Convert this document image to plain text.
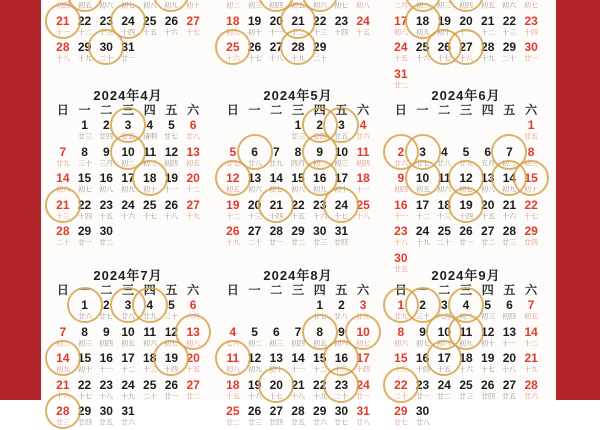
初四 初五 初六 初七 初八 初九 初十
21
十一
22
十二
23
十三
24
十四
25
十五
26
十六
27
十七
28
十八
29
十九
30
二十
31
廿一
初二 初三 初四 初五 初六 初七 初八
18
初九
19
初十
20
十一
21
十二
22
十三
23
十四
24
十五
25
十六
26
十七
27
十八
28
十九
29
二十
二月 初二 初三 初四 初五 初六 初七
17
初八
18
初九
19
初十
20
十一
21
十二
22
十三
23
十四
24
十五
25
十六
26
十七
27
十八
28
十九
29
二十
30
廿一
31
廿二
2024年4月
日 一 二 三 四 五 六
1
廿三
2
廿四
3
廿五
4
清明
5
廿七
6
廿八
7
廿九
8
三十
9
三月
10
初二
11
初三
12
初四
13
初五
14
初六
15
初七
16
初八
17
初九
18
初十
19
十一
20
十二
21
十三
22
十四
23
十五
24
十六
25
十七
26
十八
27
十九
28
二十
29
廿一
30
廿二
2024年5月
日 一 二 三 四 五 六
1
廿三
2
廿四
3
廿五
4
廿六
5
廿七
6
廿八
7
廿九
8
四月
9
初二
10
初三
11
初四
12
初五
13
初六
14
初七
15
初八
16
初九
17
初十
18
十一
19
十二
20
十三
21
十四
22
十五
23
十六
24
十七
25
十八
26
十九
27
二十
28
廿一
29
廿二
30
廿三
31
廿四
2024年6月
日 一 二 三 四 五 六
1
廿五
2
廿六
3
廿七
4
廿八
5
廿九
6
五月
7
初二
8
初三
9
初四
10
初五
11
初六
12
初七
13
初八
14
初九
15
初十
16
十一
17
十二
18
十三
19
十四
20
十五
21
十六
22
十七
23
十八
24
十九
25
二十
26
廿一
27
廿二
28
廿三
29
廿四
30
廿五
2024年7月
日 一 二 三 四 五 六
1
廿六
2
廿七
3
廿八
4
廿九
5
三十
6
六月
7
初二
8
初三
9
初四
10
初五
11
初六
12
初七
13
初八
14
初九
15
初十
16
十一
17
十二
18
十三
19
十四
20
十五
21
十六
22
十七
23
十八
24
十九
25
二十
26
廿一
27
廿二
28
廿三
29
廿四
30
廿五
31
廿六
2024年8月
日 一 二 三 四 五 六
1
廿七
2
廿八
3
廿九
4
七月
5
初二
6
初三
7
初四
8
初五
9
初六
10
初七
11
初八
12
初九
13
初十
14
十一
15
十二
16
十三
17
十四
18
十五
19
十六
20
十七
21
十八
22
十九
23
二十
24
廿一
25
廿二
26
廿三
27
廿四
28
廿五
29
廿六
30
廿七
31
廿八
2024年9月
日 一 二 三 四 五 六
1
廿九
2
三十
3
八月
4
初二
5
初三
6
初四
7
初五
8
初六
9
初七
10
初八
11
初九
12
初十
13
十一
14
十二
15
十三
16
十四
17
十五
18
十六
19
十七
20
十八
21
十九
22
二十
23
廿一
24
廿二
25
廿三
26
廿四
27
廿五
28
廿六
29
廿七
30
廿八
